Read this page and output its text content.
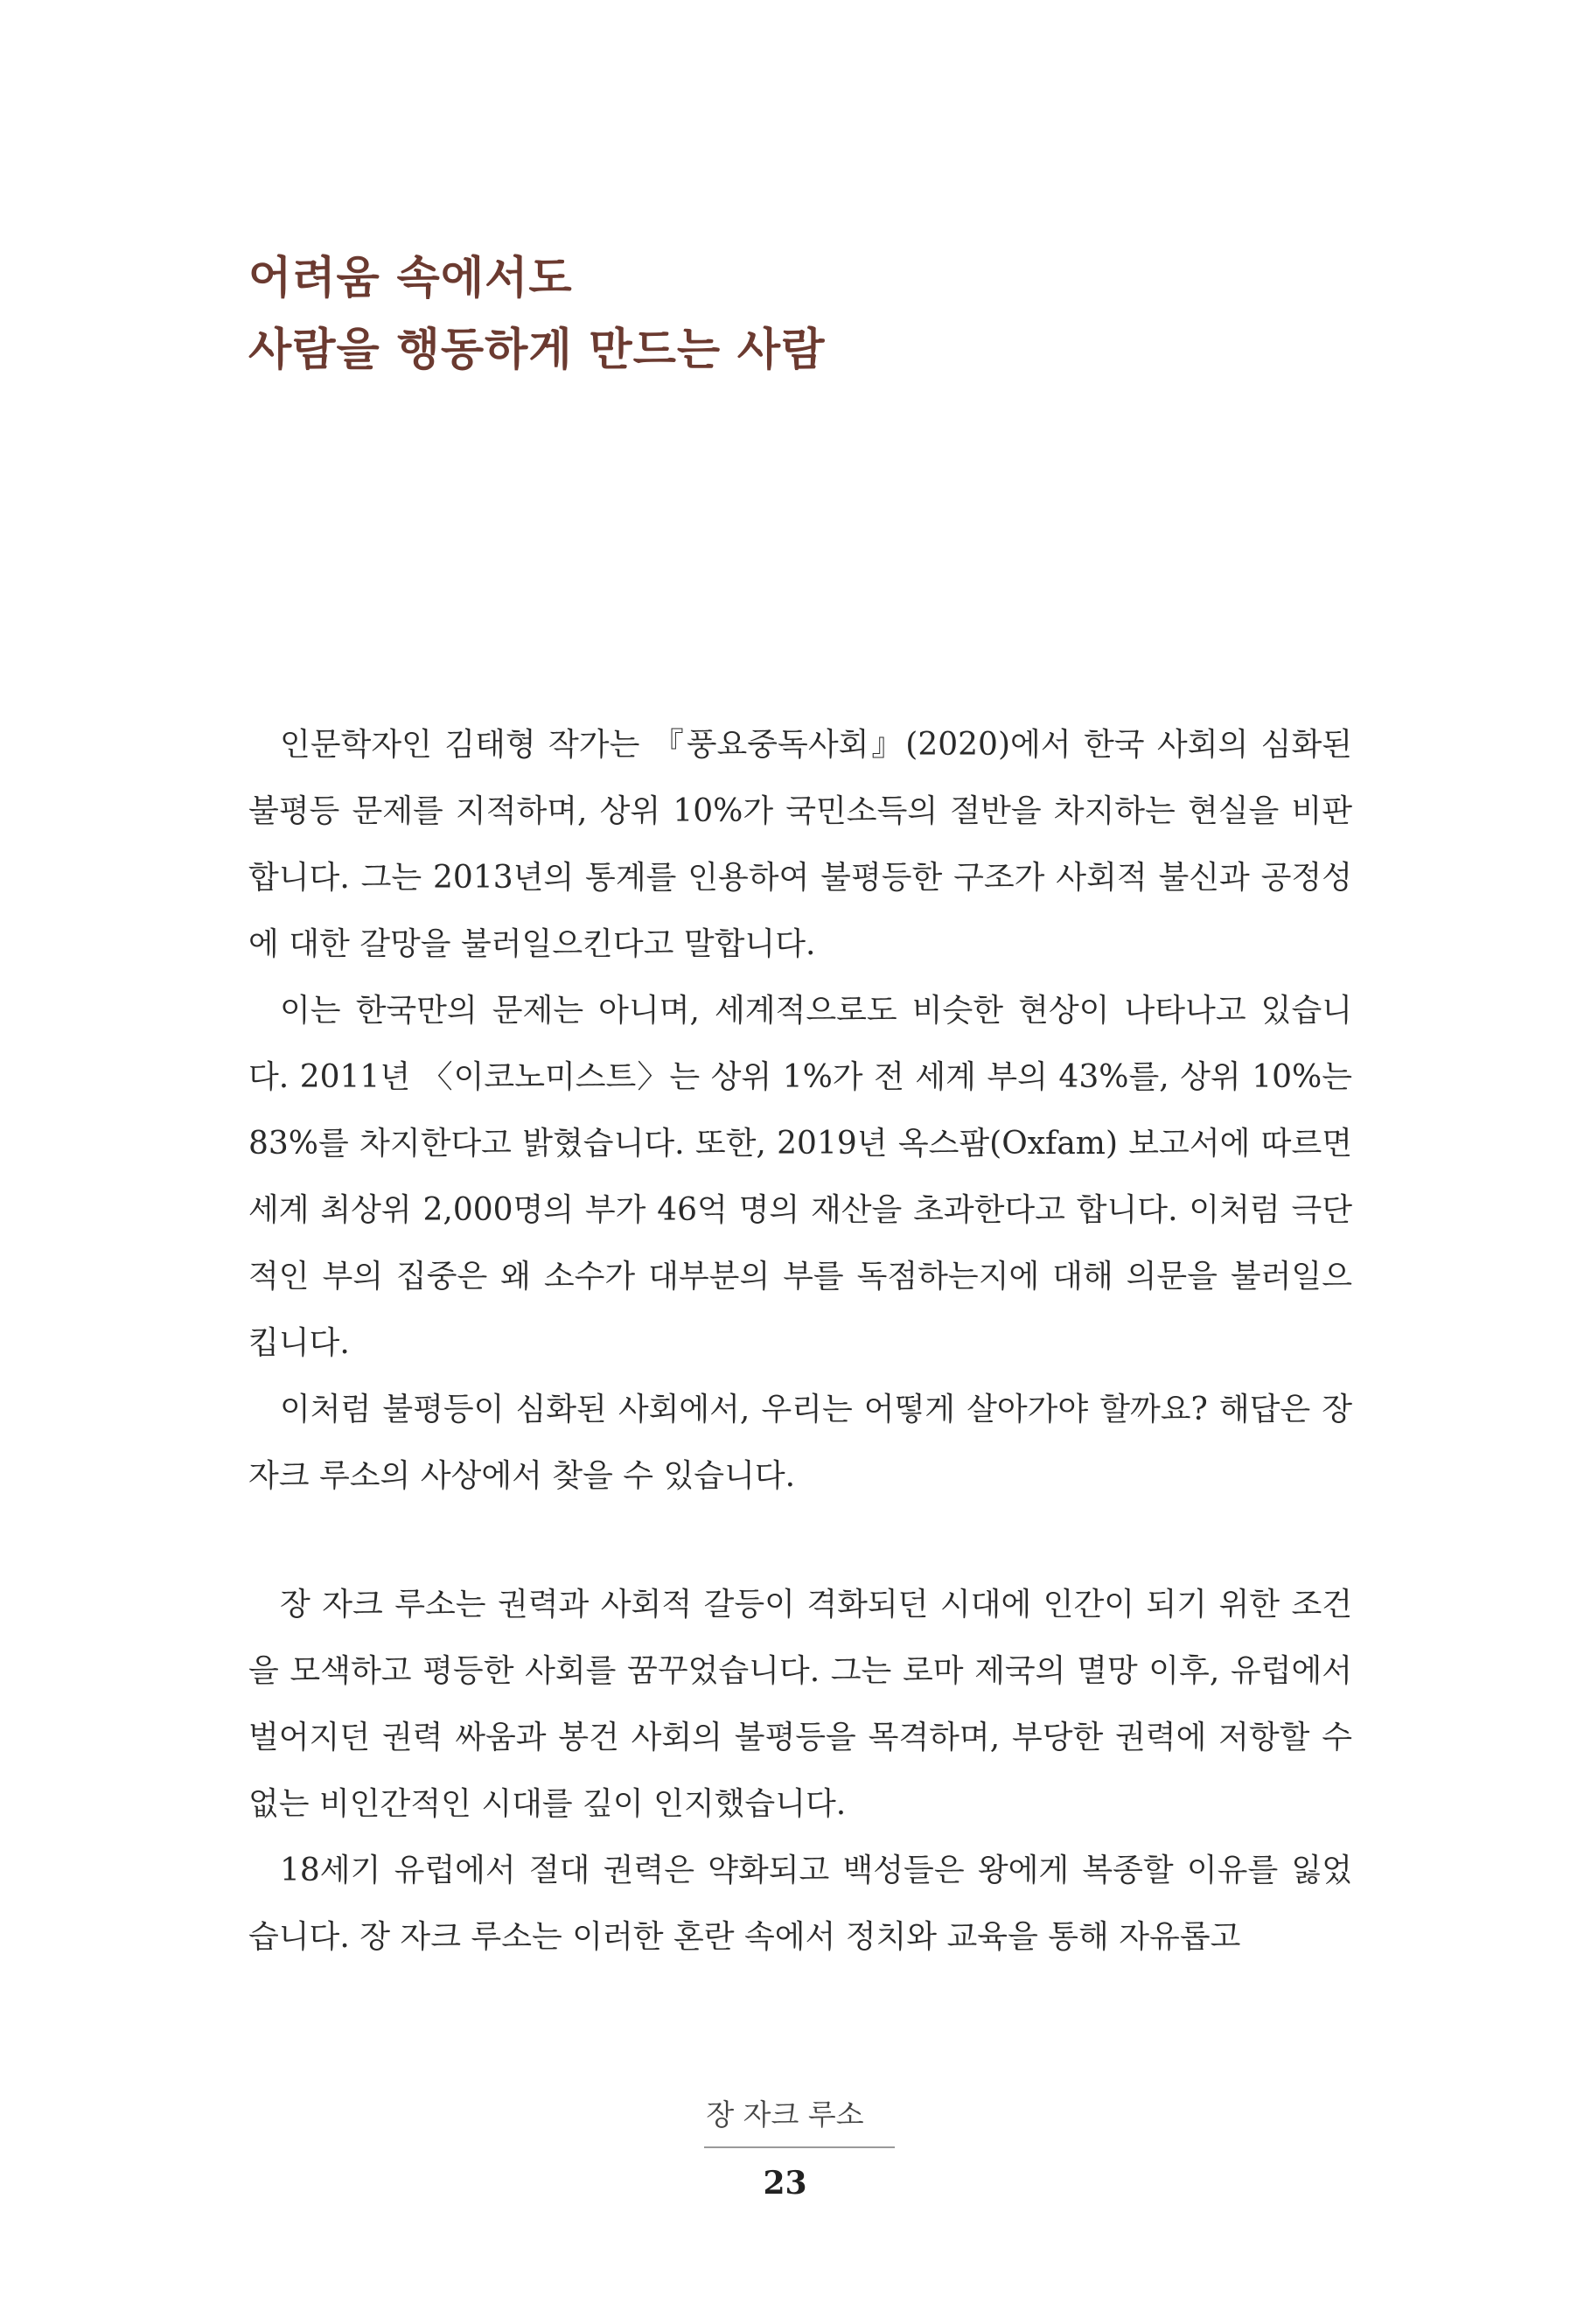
어려움 속에서도
사람을 행동하게 만드는 사람

인문학자인 김태형 작가는 『풍요중독사회』(2020)에서 한국 사회의 심화된 불평등 문제를 지적하며, 상위 10%가 국민소득의 절반을 차지하는 현실을 비판합니다. 그는 2013년의 통계를 인용하여 불평등한 구조가 사회적 불신과 공정성에 대한 갈망을 불러일으킨다고 말합니다.

이는 한국만의 문제는 아니며, 세계적으로도 비슷한 현상이 나타나고 있습니다. 2011년 〈이코노미스트〉는 상위 1%가 전 세계 부의 43%를, 상위 10%는 83%를 차지한다고 밝혔습니다. 또한, 2019년 옥스팜(Oxfam) 보고서에 따르면 세계 최상위 2,000명의 부가 46억 명의 재산을 초과한다고 합니다. 이처럼 극단적인 부의 집중은 왜 소수가 대부분의 부를 독점하는지에 대해 의문을 불러일으킵니다.

이처럼 불평등이 심화된 사회에서, 우리는 어떻게 살아가야 할까요? 해답은 장 자크 루소의 사상에서 찾을 수 있습니다.

장 자크 루소는 권력과 사회적 갈등이 격화되던 시대에 인간이 되기 위한 조건을 모색하고 평등한 사회를 꿈꾸었습니다. 그는 로마 제국의 멸망 이후, 유럽에서 벌어지던 권력 싸움과 봉건 사회의 불평등을 목격하며, 부당한 권력에 저항할 수 없는 비인간적인 시대를 깊이 인지했습니다.

18세기 유럽에서 절대 권력은 약화되고 백성들은 왕에게 복종할 이유를 잃었습니다. 장 자크 루소는 이러한 혼란 속에서 정치와 교육을 통해 자유롭고

장 자크 루소

23
